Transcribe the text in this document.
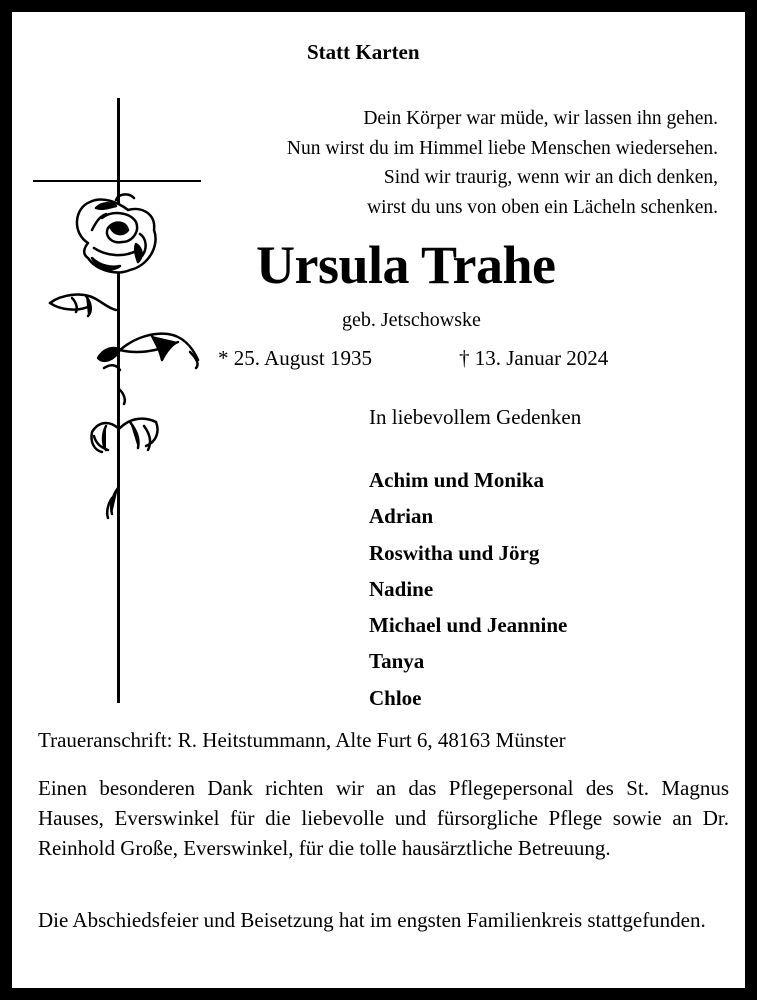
Statt Karten
Dein Körper war müde, wir lassen ihn gehen.
Nun wirst du im Himmel liebe Menschen wiedersehen.
Sind wir traurig, wenn wir an dich denken,
wirst du uns von oben ein Lächeln schenken.
Ursula Trahe
geb. Jetschowske
* 25. August 1935	† 13. Januar 2024
In liebevollem Gedenken
Achim und Monika
Adrian
Roswitha und Jörg
Nadine
Michael und Jeannine
Tanya
Chloe
Traueranschrift: R. Heitstummann, Alte Furt 6, 48163 Münster
Einen besonderen Dank richten wir an das Pflegepersonal des St. Magnus Hauses, Everswinkel für die liebevolle und fürsorgliche Pflege sowie an Dr. Reinhold Große, Everswinkel, für die tolle hausärztliche Betreuung.
Die Abschiedsfeier und Beisetzung hat im engsten Familienkreis stattgefunden.
